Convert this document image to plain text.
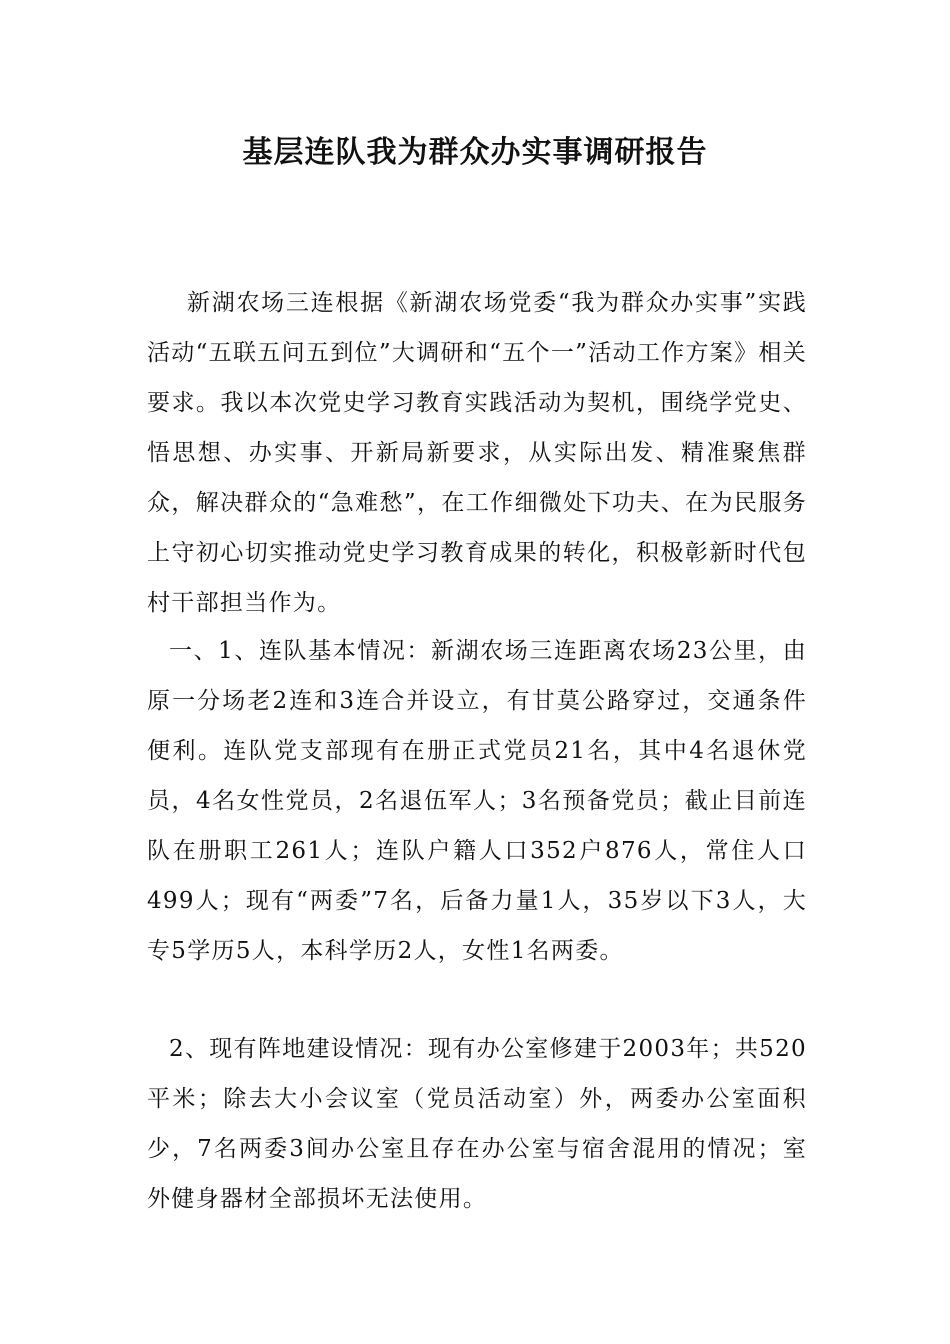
基层连队我为群众办实事调研报告

新湖农场三连根据《新湖农场党委“我为群众办实事”实践活动“五联五问五到位”大调研和“五个一”活动工作方案》相关要求。我以本次党史学习教育实践活动为契机，围绕学党史、悟思想、办实事、开新局新要求，从实际出发、精准聚焦群众，解决群众的“急难愁”，在工作细微处下功夫、在为民服务上守初心切实推动党史学习教育成果的转化，积极彰新时代包村干部担当作为。

一、1、连队基本情况：新湖农场三连距离农场23公里，由原一分场老2连和3连合并设立，有甘莫公路穿过，交通条件便利。连队党支部现有在册正式党员21名，其中4名退休党员，4名女性党员，2名退伍军人；3名预备党员；截止目前连队在册职工261人；连队户籍人口352户876人，常住人口499人；现有“两委”7名，后备力量1人，35岁以下3人，大专5学历5人，本科学历2人，女性1名两委。

2、现有阵地建设情况：现有办公室修建于2003年；共520平米；除去大小会议室（党员活动室）外，两委办公室面积少，7名两委3间办公室且存在办公室与宿舍混用的情况；室外健身器材全部损坏无法使用。
